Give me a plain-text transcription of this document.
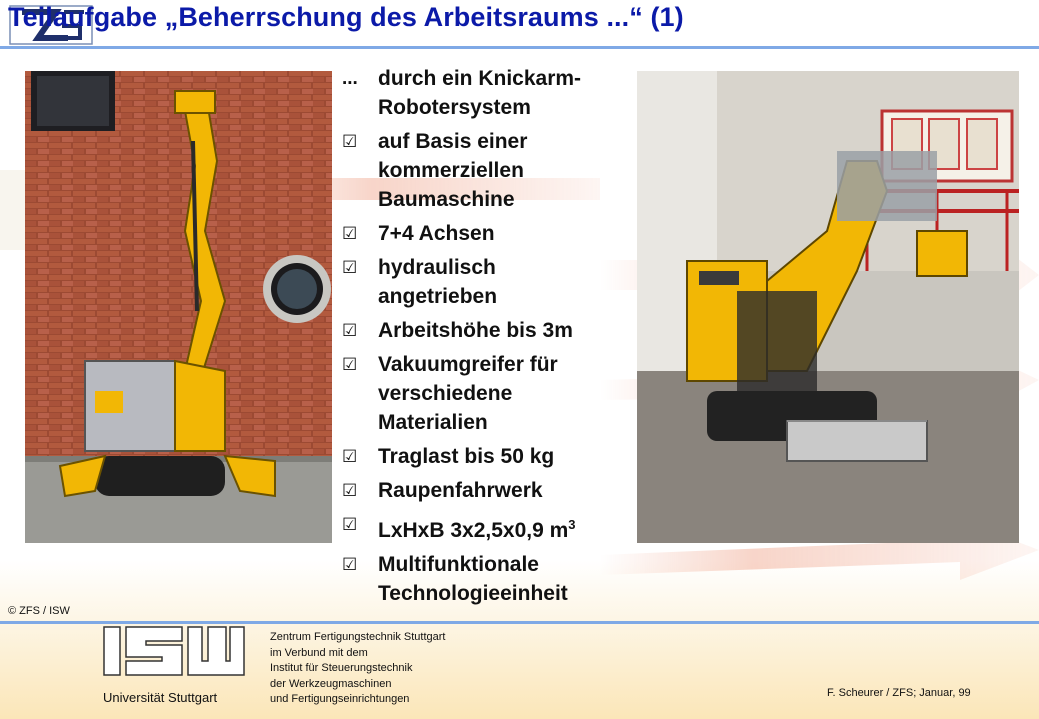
Teilaufgabe „Beherrschung des Arbeitsraums ...“ (1)
... durch ein Knickarm-
Robotersystem
☑ auf Basis einer
kommerziellen
Baumaschine
☑ 7+4 Achsen
☑ hydraulisch
angetrieben
☑ Arbeitshöhe bis 3m
☑ Vakuumgreifer für
verschiedene
Materialien
☑ Traglast bis 50 kg
☑ Raupenfahrwerk
☑ LxHxB 3x2,5x0,9 $m^3$
☑ Multifunktionale
Technologieeinheit
© ZFS / ISW
Universität Stuttgart
Zentrum Fertigungstechnik Stuttgart
im Verbund mit dem
Institut für Steuerungstechnik
der Werkzeugmaschinen
und Fertigungseinrichtungen	F. Scheurer / ZFS; Januar, 99
